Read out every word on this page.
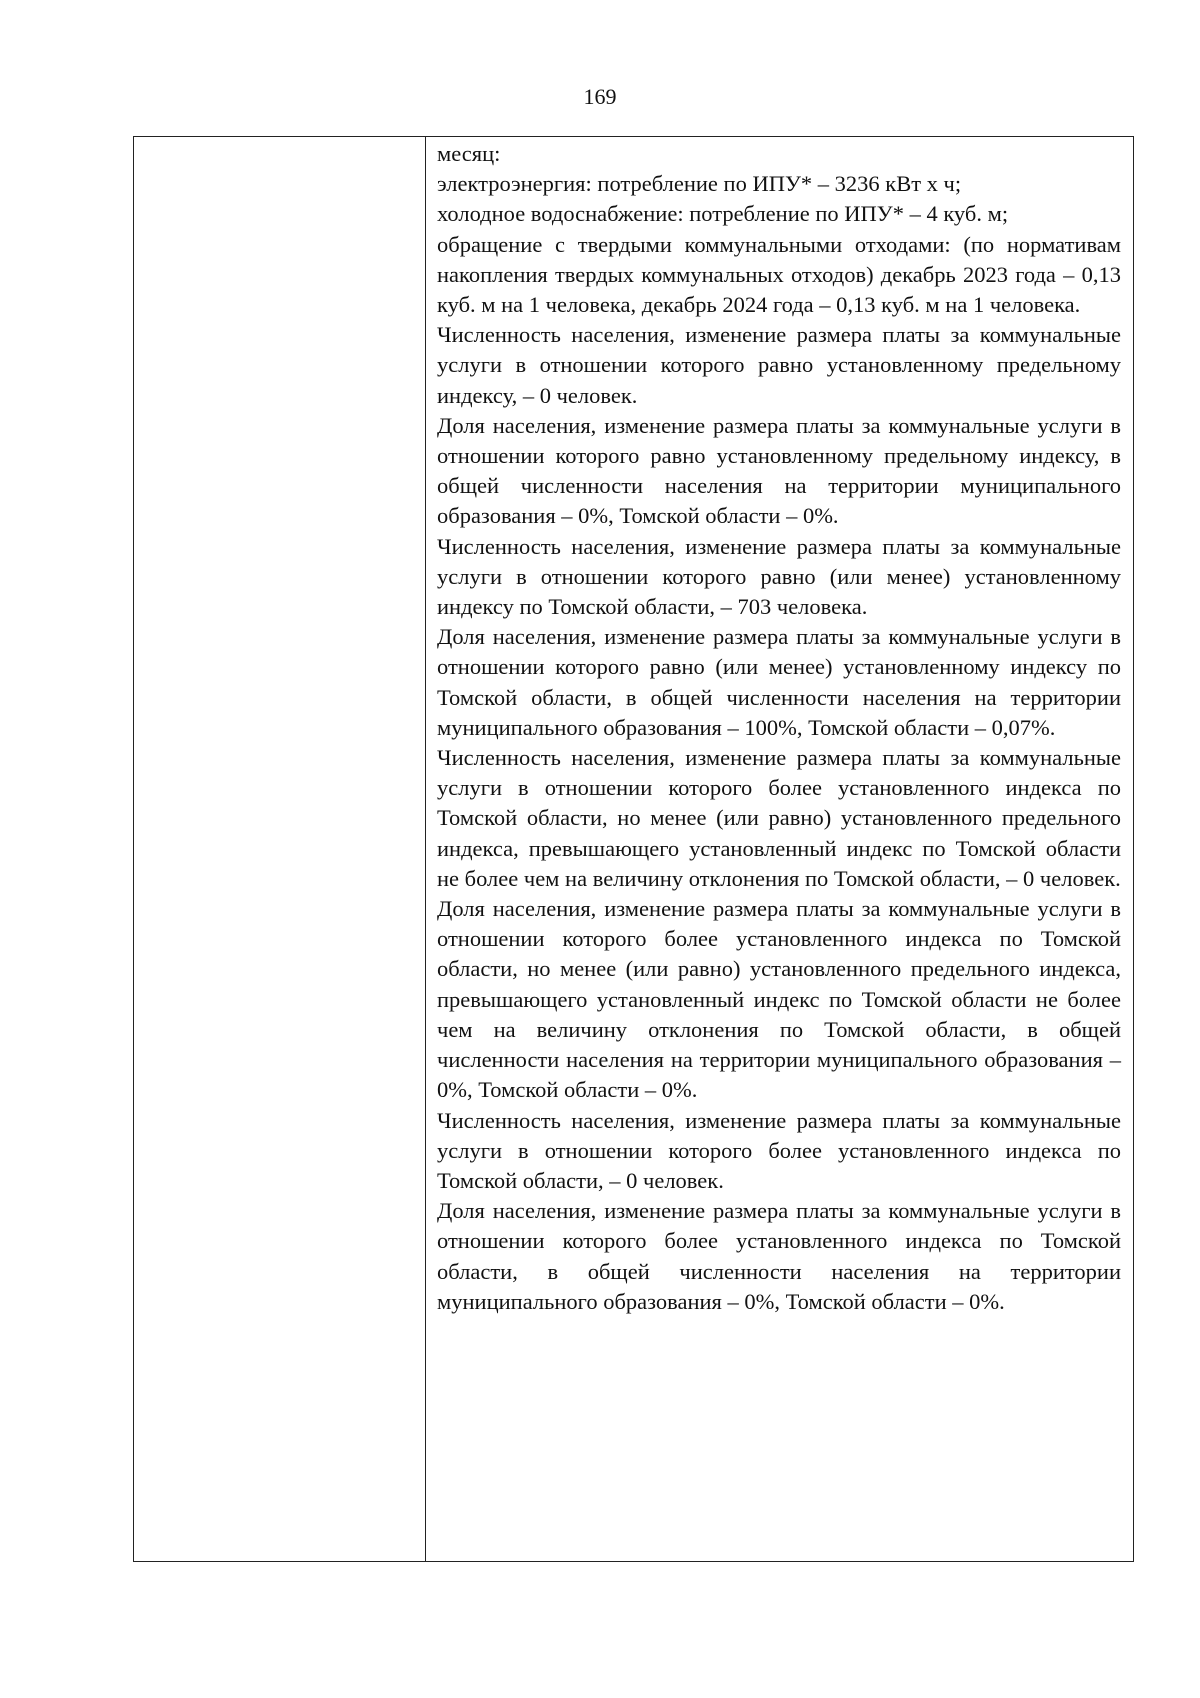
169

месяц:

электроэнергия: потребление по ИПУ* – 3236 кВт х ч;

холодное водоснабжение: потребление по ИПУ* – 4 куб. м;

обращение с твердыми коммунальными отходами: (по нормативам накопления твердых коммунальных отходов) декабрь 2023 года – 0,13 куб. м на 1 человека, декабрь 2024 года – 0,13 куб. м на 1 человека.

Численность населения, изменение размера платы за коммунальные услуги в отношении которого равно установленному предельному индексу, – 0 человек.

Доля населения, изменение размера платы за коммунальные услуги в отношении которого равно установленному предельному индексу, в общей численности населения на территории муниципального образования – 0%, Томской области – 0%.

Численность населения, изменение размера платы за коммунальные услуги в отношении которого равно (или менее) установленному индексу по Томской области, – 703 человека.

Доля населения, изменение размера платы за коммунальные услуги в отношении которого равно (или менее) установленному индексу по Томской области, в общей численности населения на территории муниципального образования – 100%, Томской области – 0,07%.

Численность населения, изменение размера платы за коммунальные услуги в отношении которого более установленного индекса по Томской области, но менее (или равно) установленного предельного индекса, превышающего установленный индекс по Томской области не более чем на величину отклонения по Томской области, – 0 человек.

Доля населения, изменение размера платы за коммунальные услуги в отношении которого более установленного индекса по Томской области, но менее (или равно) установленного предельного индекса, превышающего установленный индекс по Томской области не более чем на величину отклонения по Томской области, в общей численности населения на территории муниципального образования – 0%, Томской области – 0%.

Численность населения, изменение размера платы за коммунальные услуги в отношении которого более установленного индекса по Томской области, – 0 человек.

Доля населения, изменение размера платы за коммунальные услуги в отношении которого более установленного индекса по Томской области, в общей численности населения на территории муниципального образования – 0%, Томской области – 0%.
